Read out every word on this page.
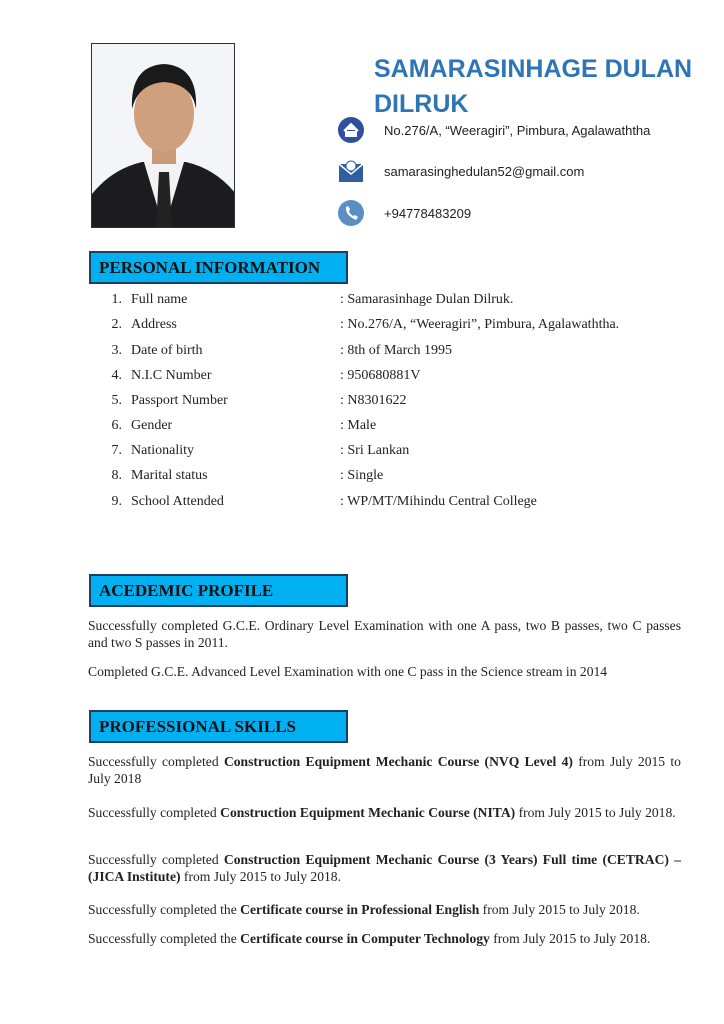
SAMARASINHAGE DULAN DILRUK
No.276/A, “Weeragiri”, Pimbura, Agalawaththa
samarasinghedulan52@gmail.com
+94778483209
PERSONAL INFORMATION
1. Full name	: Samarasinhage Dulan Dilruk.
2. Address	: No.276/A, “Weeragiri”, Pimbura, Agalawaththa.
3. Date of birth	: 8th of March 1995
4. N.I.C Number	: 950680881V
5. Passport Number	: N8301622
6. Gender	: Male
7. Nationality	: Sri Lankan
8. Marital status	: Single
9. School Attended	: WP/MT/Mihindu Central College
ACEDEMIC PROFILE
Successfully completed G.C.E. Ordinary Level Examination with one A pass, two B passes, two C passes and two S passes in 2011.
Completed G.C.E. Advanced Level Examination with one C pass in the Science stream in 2014
PROFESSIONAL SKILLS
Successfully completed Construction Equipment Mechanic Course (NVQ Level 4) from July 2015 to July 2018
Successfully completed Construction Equipment Mechanic Course (NITA) from July 2015 to July 2018.
Successfully completed Construction Equipment Mechanic Course (3 Years) Full time (CETRAC) – (JICA Institute) from July 2015 to July 2018.
Successfully completed the Certificate course in Professional English from July 2015 to July 2018.
Successfully completed the Certificate course in Computer Technology from July 2015 to July 2018.
